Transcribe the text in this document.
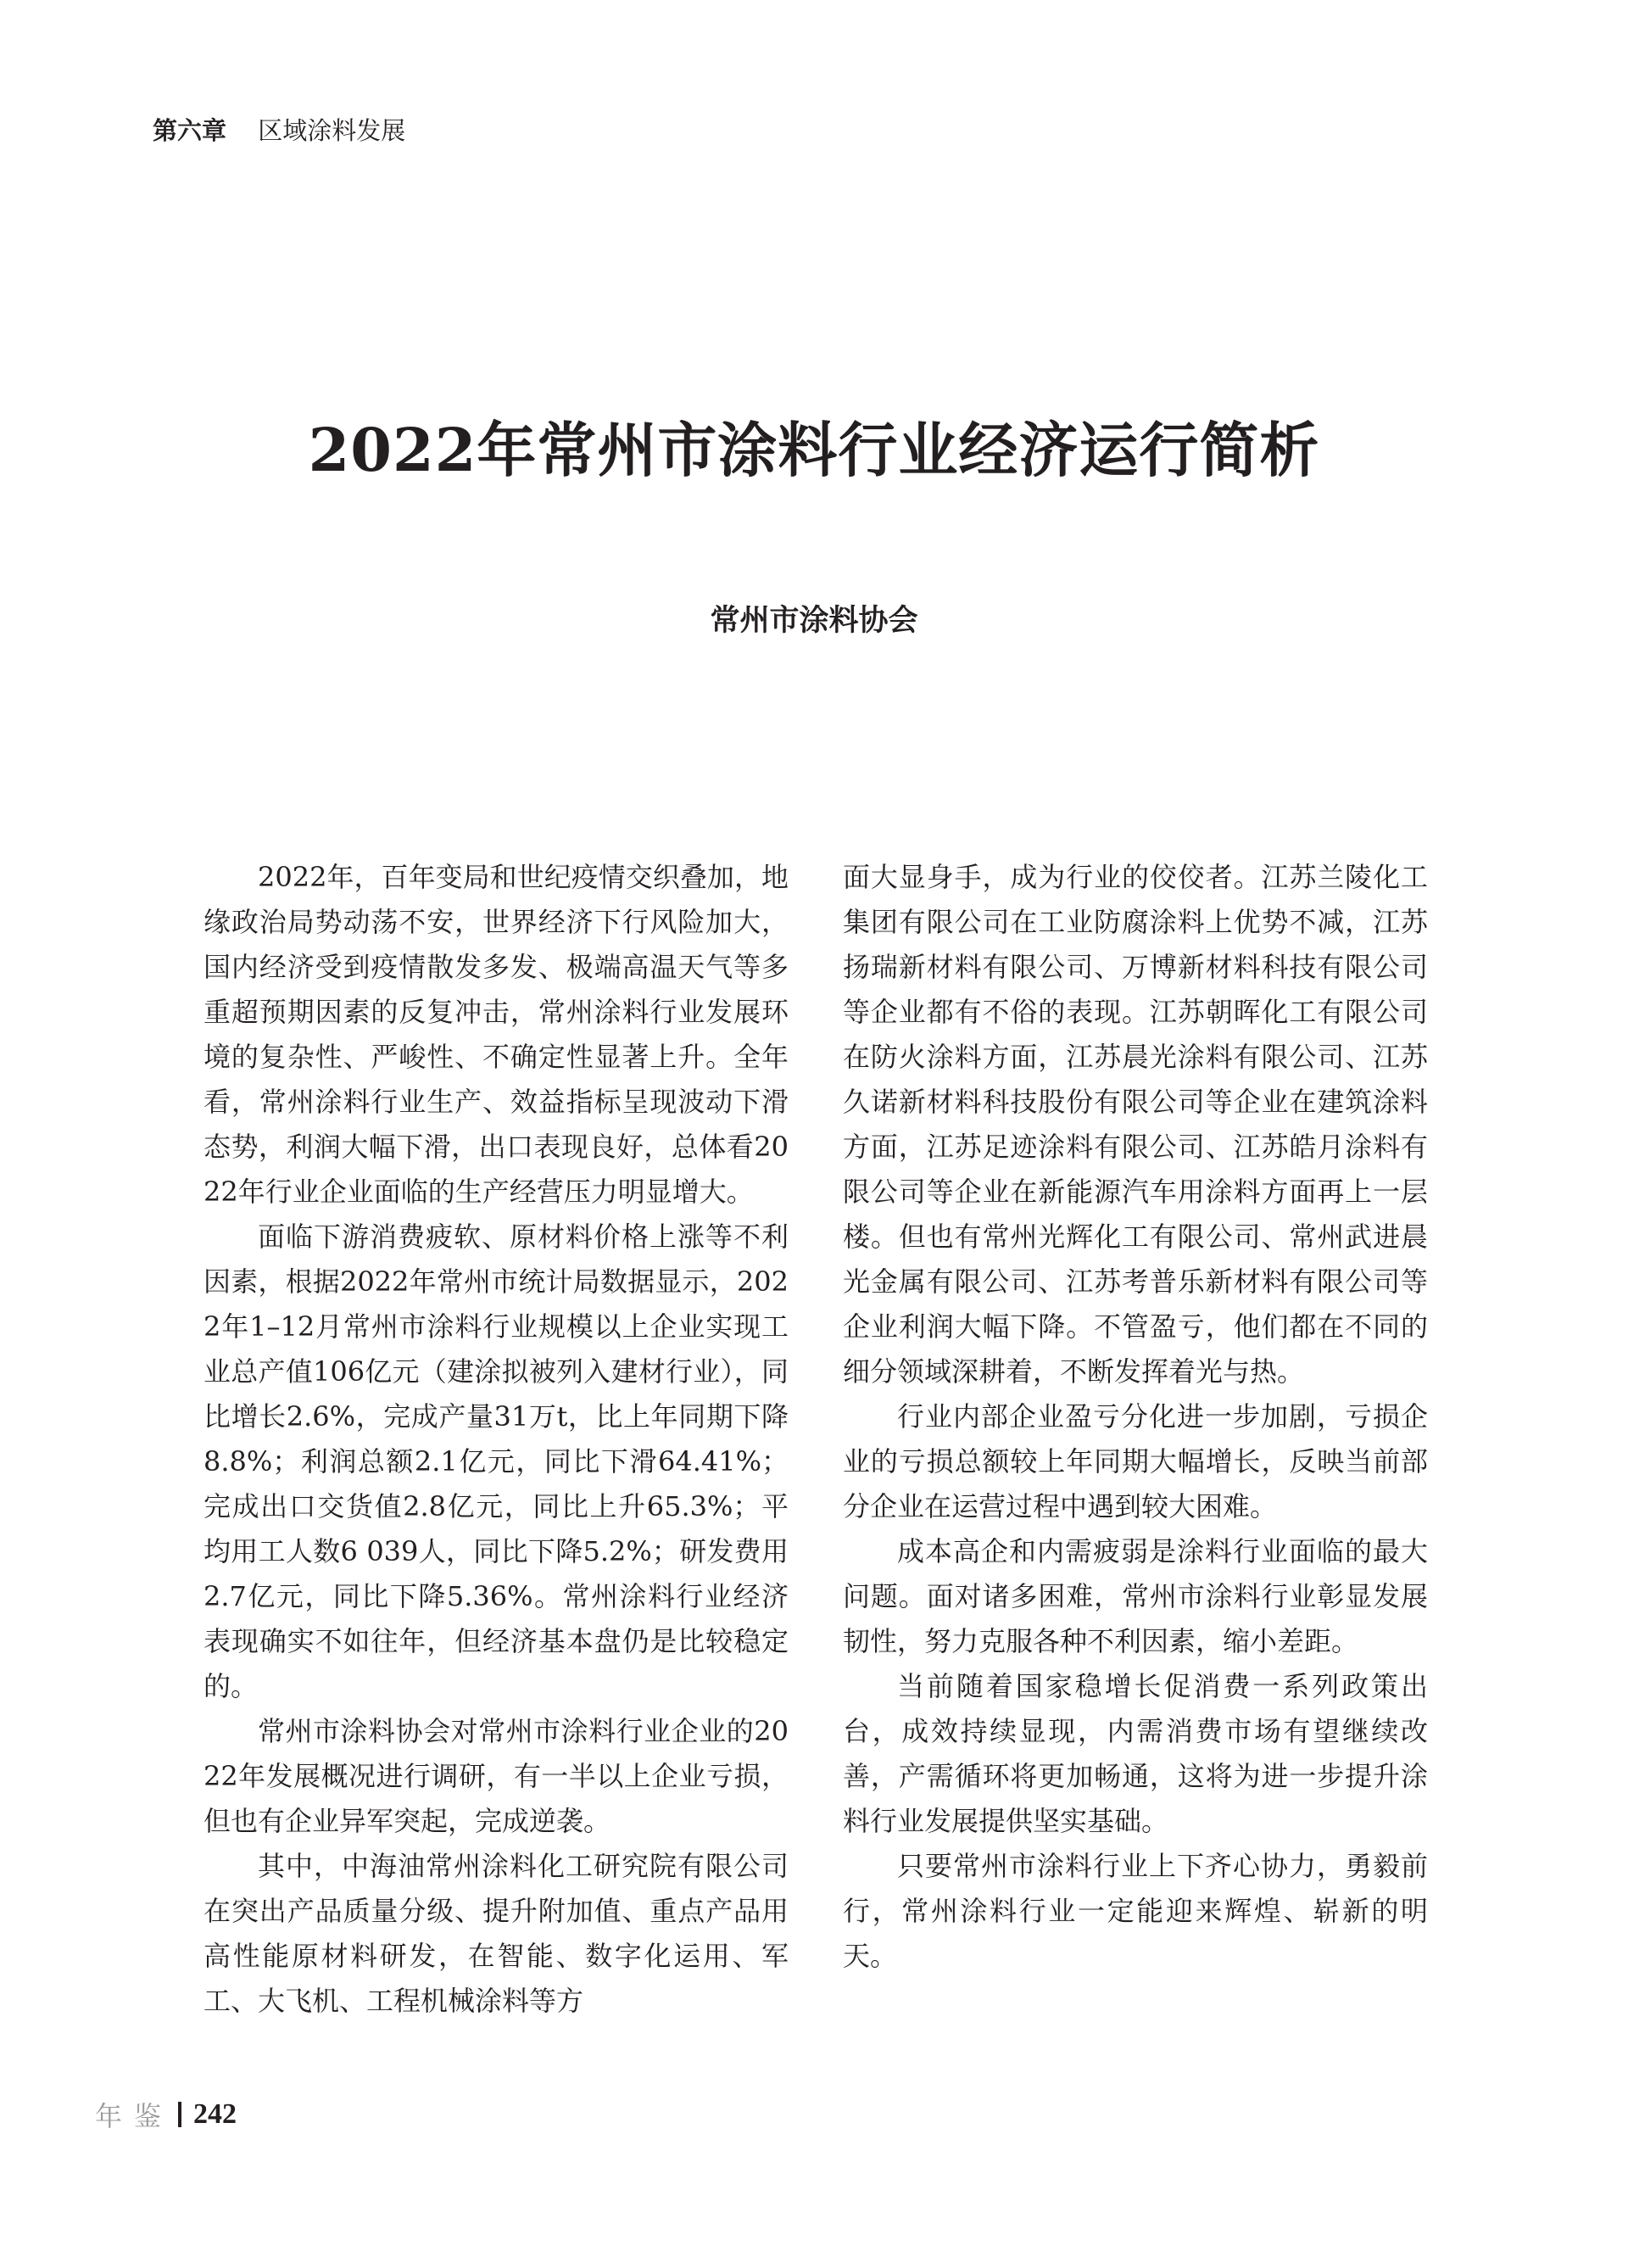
第六章 区域涂料发展
2022年常州市涂料行业经济运行简析
常州市涂料协会

2022年，百年变局和世纪疫情交织叠加，地缘政治局势动荡不安，世界经济下行风险加大，国内经济受到疫情散发多发、极端高温天气等多重超预期因素的反复冲击，常州涂料行业发展环境的复杂性、严峻性、不确定性显著上升。全年看，常州涂料行业生产、效益指标呈现波动下滑态势，利润大幅下滑，出口表现良好，总体看2022年行业企业面临的生产经营压力明显增大。

面临下游消费疲软、原材料价格上涨等不利因素，根据2022年常州市统计局数据显示，2022年1–12月常州市涂料行业规模以上企业实现工业总产值106亿元（建涂拟被列入建材行业），同比增长2.6%，完成产量31万t，比上年同期下降8.8%；利润总额2.1亿元，同比下滑64.41%；完成出口交货值2.8亿元，同比上升65.3%；平均用工人数6 039人，同比下降5.2%；研发费用2.7亿元，同比下降5.36%。常州涂料行业经济表现确实不如往年，但经济基本盘仍是比较稳定的。

常州市涂料协会对常州市涂料行业企业的2022年发展概况进行调研，有一半以上企业亏损，但也有企业异军突起，完成逆袭。

其中，中海油常州涂料化工研究院有限公司在突出产品质量分级、提升附加值、重点产品用高性能原材料研发，在智能、数字化运用、军工、大飞机、工程机械涂料等方

面大显身手，成为行业的佼佼者。江苏兰陵化工集团有限公司在工业防腐涂料上优势不减，江苏扬瑞新材料有限公司、万博新材料科技有限公司等企业都有不俗的表现。江苏朝晖化工有限公司在防火涂料方面，江苏晨光涂料有限公司、江苏久诺新材料科技股份有限公司等企业在建筑涂料方面，江苏足迹涂料有限公司、江苏皓月涂料有限公司等企业在新能源汽车用涂料方面再上一层楼。但也有常州光辉化工有限公司、常州武进晨光金属有限公司、江苏考普乐新材料有限公司等企业利润大幅下降。不管盈亏，他们都在不同的细分领域深耕着，不断发挥着光与热。

行业内部企业盈亏分化进一步加剧，亏损企业的亏损总额较上年同期大幅增长，反映当前部分企业在运营过程中遇到较大困难。

成本高企和内需疲弱是涂料行业面临的最大问题。面对诸多困难，常州市涂料行业彰显发展韧性，努力克服各种不利因素，缩小差距。

当前随着国家稳增长促消费一系列政策出台，成效持续显现，内需消费市场有望继续改善，产需循环将更加畅通，这将为进一步提升涂料行业发展提供坚实基础。

只要常州市涂料行业上下齐心协力，勇毅前行，常州涂料行业一定能迎来辉煌、崭新的明天。

年鉴 242
